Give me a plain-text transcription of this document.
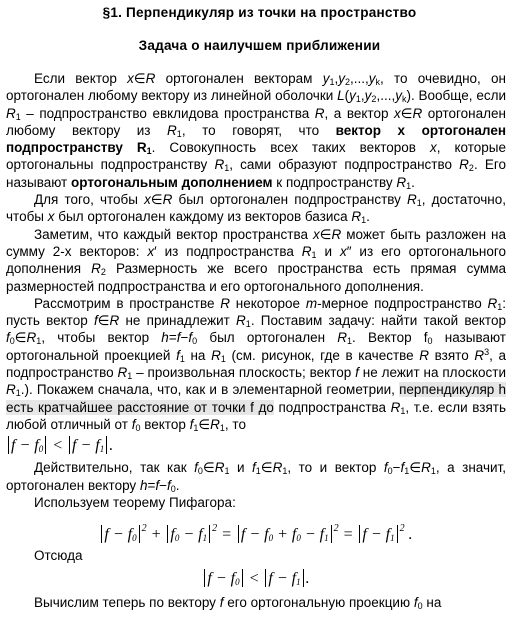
§1. Перпендикуляр из точки на пространство
Задача о наилучшем приближении

Если вектор x∈R ортогонален векторам $y_1,y_2,...,y_k$, то очевидно, он ортогонален любому вектору из линейной оболочки $L(y_1,y_2,...,y_k)$. Вообще, если $R_1$ – подпространство евклидова пространства R, а вектор x∈R ортогонален любому вектору из $R_1$, то говорят, что вектор x ортогонален подпространству $R_1$. Совокупность всех таких векторов x, которые ортогональны подпространству $R_1$, сами образуют подпространство $R_2$. Его называют ортогональным дополнением к подпространству $R_1$.

Для того, чтобы x∈R был ортогонален подпространству $R_1$, достаточно, чтобы x был ортогонален каждому из векторов базиса $R_1$.

Заметим, что каждый вектор пространства x∈R может быть разложен на сумму 2-х векторов: x′ из подпространства $R_1$ и x″ из его ортогонального дополнения $R_2$ Размерность же всего пространства есть прямая сумма размерностей подпространства и его ортогонального дополнения.

Рассмотрим в пространстве R некоторое m-мерное подпространство $R_1$: пусть вектор f∈R не принадлежит $R_1$. Поставим задачу: найти такой вектор $f_0\in R_1$, чтобы вектор $h=f-f_0$ был ортогонален $R_1$. Вектор $f_0$ называют ортогональной проекцией $f_1$ на $R_1$ (см. рисунок, где в качестве R взято $R^3$, а подпространство $R_1$ – произвольная плоскость; вектор f не лежит на плоскости $R_1$.). Покажем сначала, что, как и в элементарной геометрии, перпендикуляр h есть кратчайшее расстояние от точки f до подпространства $R_1$, т.е. если взять любой отличный от $f_0$ вектор $f_1\in R_1$, то

$f - f_0 < f - f_1$ .

Действительно, так как $f_0\in R_1$ и $f_1\in R_1$, то и вектор $f_0-f_1\in R_1$, а значит, ортогонален вектору $h=f-f_0$.

Используем теорему Пифагора:

$f - f_0^2 + f_0 - f_1^2 = f - f_0 + f_0 - f_1^2 = f - f_1^2$ .

Отсюда

$f - f_0 < f - f_1$ .

Вычислим теперь по вектору f его ортогональную проекцию $f_0$ на
